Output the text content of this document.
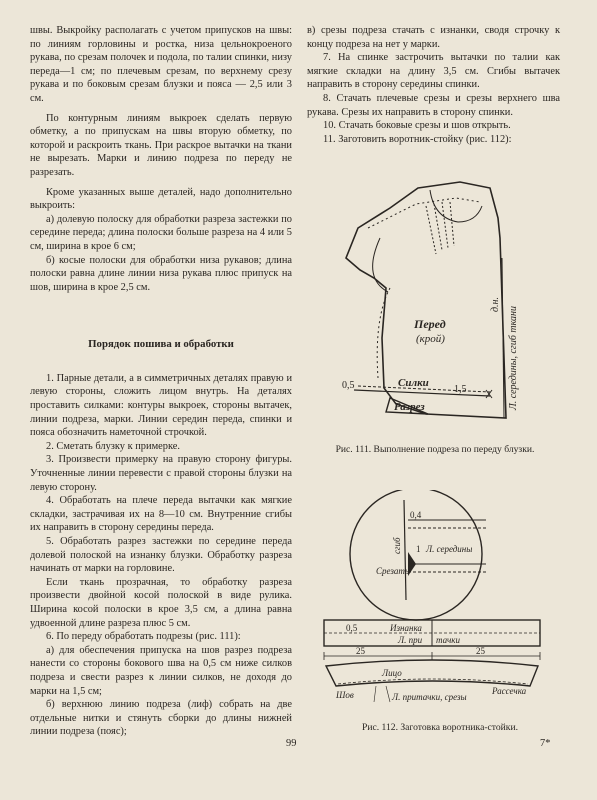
швы. Выкройку располагать с учетом припусков на швы: по линиям горловины и ростка, низа цельнокроеного рукава, по срезам полочек и подола, по талии спинки, низу переда—1 см; по плечевым срезам, по верхнему срезу рукава и по боковым срезам блузки и пояса — 2,5 или 3 см.

По контурным линиям выкроек сделать первую обметку, а по припускам на швы вторую обметку, по которой и раскроить ткань. При раскрое вытачки на ткани не вырезать. Марки и линию подреза по переду не разрезать.

Кроме указанных выше деталей, надо дополнительно выкроить:

а) долевую полоску для обработки разреза застежки по середине переда; длина полоски больше разреза на 4 или 5 см, ширина в крое 6 см;

б) косые полоски для обработки низа рукавов; длина полоски равна длине линии низа рукава плюс припуск на шов, ширина в крое 2,5 см.

Порядок пошива и обработки

1. Парные детали, а в симметричных деталях правую и левую стороны, сложить лицом внутрь. На деталях проставить силками: контуры выкроек, стороны вытачек, линии подреза, марки. Линии середин переда, спинки и пояса обозначить наметочной строчкой.

2. Сметать блузку к примерке.

3. Произвести примерку на правую сторону фигуры. Уточненные линии перевести с правой стороны блузки на левую сторону.

4. Обработать на плече переда вытачки как мягкие складки, застрачивая их на 8—10 см. Внутренние сгибы их направить в сторону середины переда.

5. Обработать разрез застежки по середине переда долевой полоской на изнанку блузки. Обработку разреза начинать от марки на горловине.

Если ткань прозрачная, то обработку разреза произвести двойной косой полоской в виде рулика. Ширина косой полоски в крое 3,5 см, а длина равна удвоенной длине разреза плюс 5 см.

6. По переду обработать подрезы (рис. 111):

а) для обеспечения припуска на шов разрез подреза нанести со стороны бокового шва на 0,5 см ниже силков подреза и свести разрез к линии силков, не доходя до марки на 1,5 см;

б) верхнюю линию подреза (лиф) собрать на две отдельные нитки и стянуть сборки до длины нижней линии подреза (пояс);

99

в) срезы подреза стачать с изнанки, сводя строчку к концу подреза на нет у марки.

7. На спинке застрочить вытачки по талии как мягкие складки на длину 3,5 см. Сгибы вытачек направить в сторону середины спинки.

8. Стачать плечевые срезы и срезы верхнего шва рукава. Срезы их направить в сторону спинки.

10. Стачать боковые срезы и шов открыть.

11. Заготовить воротник-стойку (рис. 112):

Перед
(крой)
д.н.
Л. середины, сгиб ткани
Силки
Разрез
0,5	1,5
Рис. 111. Выполнение подреза по переду блузки.
0,4
сгиб
Срезать
Л. середины
1
0,5	Изнанка
Л. при тачки
25	25
Лицо
Л. притачки, срезы
Шов	Рассечка
Рис. 112. Заготовка воротника-стойки.
7*
